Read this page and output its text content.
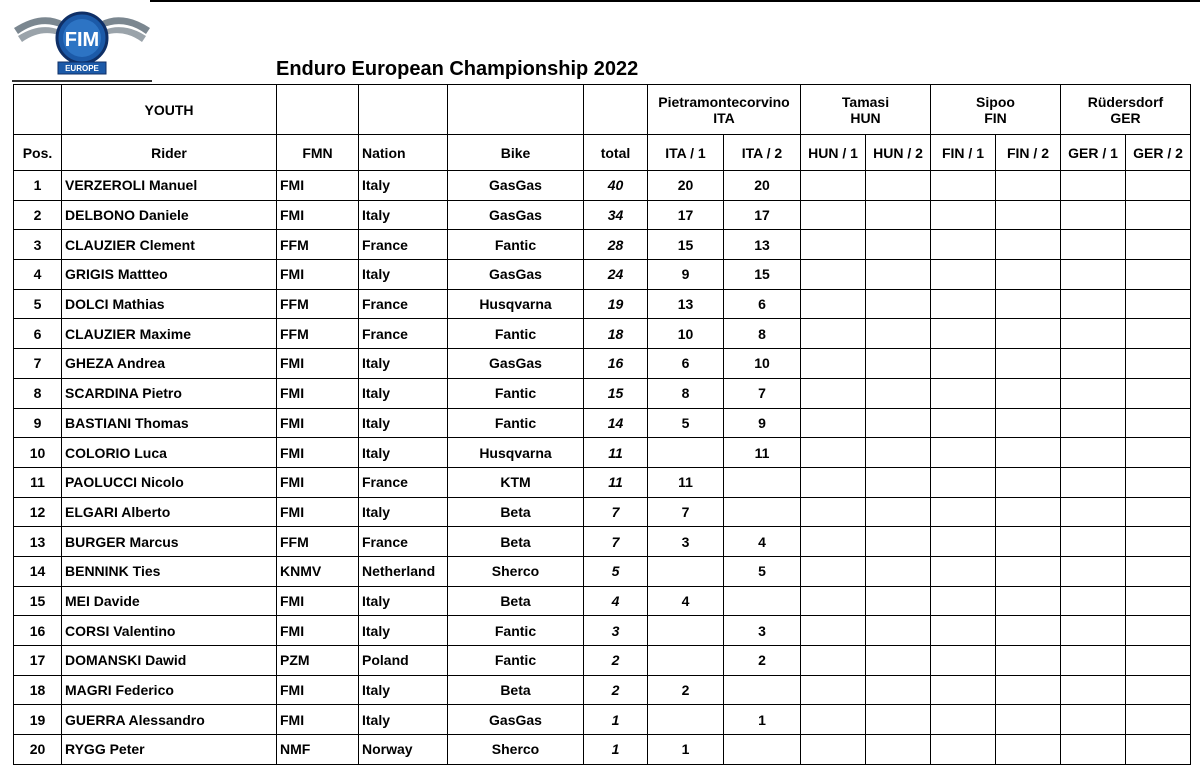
FIM
EUROPE	Enduro European Championship 2022
	YOUTH					Pietramontecorvino
ITA		Tamasi
HUN		Sipoo
FIN		Rüdersdorf
GER	
Pos.	Rider	FMN	Nation	Bike	total	ITA / 1	ITA / 2	HUN / 1	HUN / 2	FIN / 1	FIN / 2	GER / 1	GER / 2
1	VERZEROLI Manuel	FMI	Italy	GasGas	40	20	20						
2	DELBONO Daniele	FMI	Italy	GasGas	34	17	17						
3	CLAUZIER Clement	FFM	France	Fantic	28	15	13						
4	GRIGIS Mattteo	FMI	Italy	GasGas	24	9	15						
5	DOLCI Mathias	FFM	France	Husqvarna	19	13	6						
6	CLAUZIER Maxime	FFM	France	Fantic	18	10	8						
7	GHEZA Andrea	FMI	Italy	GasGas	16	6	10						
8	SCARDINA Pietro	FMI	Italy	Fantic	15	8	7						
9	BASTIANI Thomas	FMI	Italy	Fantic	14	5	9						
10	COLORIO Luca	FMI	Italy	Husqvarna	11		11						
11	PAOLUCCI Nicolo	FMI	France	KTM	11	11							
12	ELGARI Alberto	FMI	Italy	Beta	7	7							
13	BURGER Marcus	FFM	France	Beta	7	3	4						
14	BENNINK Ties	KNMV	Netherland	Sherco	5		5						
15	MEI Davide	FMI	Italy	Beta	4	4							
16	CORSI Valentino	FMI	Italy	Fantic	3		3						
17	DOMANSKI Dawid	PZM	Poland	Fantic	2		2						
18	MAGRI Federico	FMI	Italy	Beta	2	2							
19	GUERRA Alessandro	FMI	Italy	GasGas	1		1						
20	RYGG Peter	NMF	Norway	Sherco	1	1							
